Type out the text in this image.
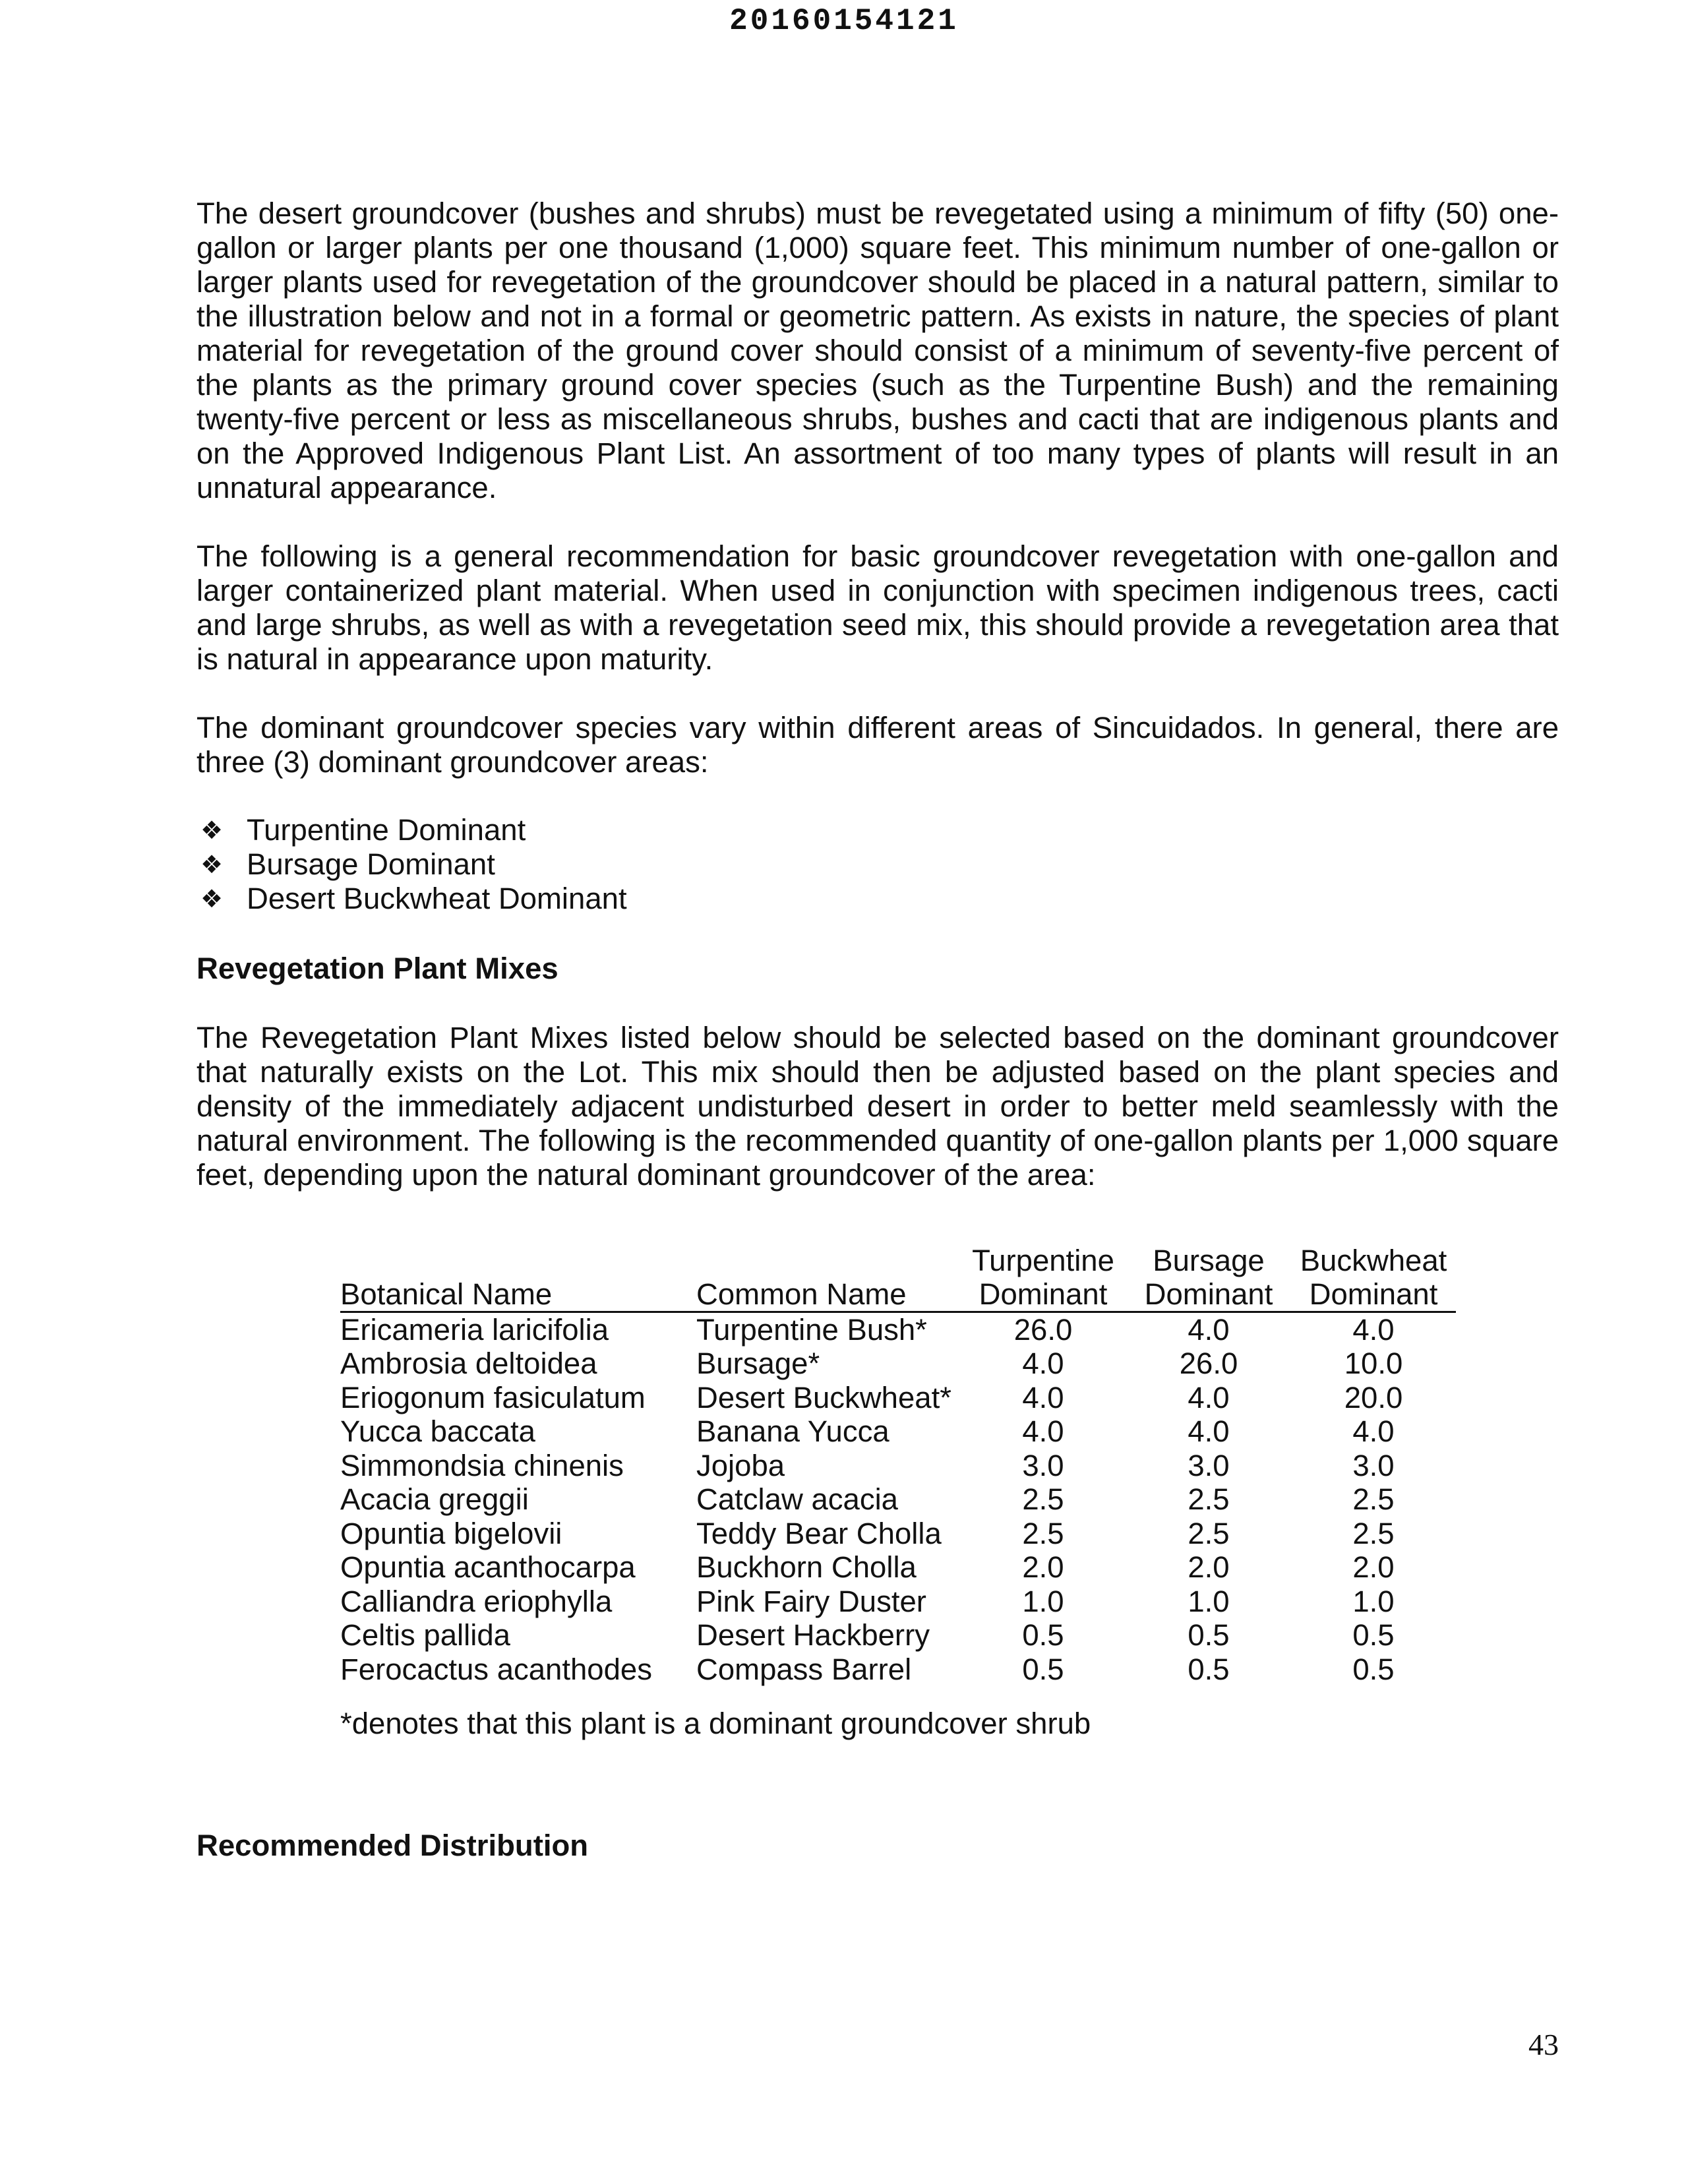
20160154121

The desert groundcover (bushes and shrubs) must be revegetated using a minimum of fifty (50) one-gallon or larger plants per one thousand (1,000) square feet. This minimum number of one-gallon or larger plants used for revegetation of the groundcover should be placed in a natural pattern, similar to the illustration below and not in a formal or geometric pattern. As exists in nature, the species of plant material for revegetation of the ground cover should consist of a minimum of seventy-five percent of the plants as the primary ground cover species (such as the Turpentine Bush) and the remaining twenty-five percent or less as miscellaneous shrubs, bushes and cacti that are indigenous plants and on the Approved Indigenous Plant List. An assortment of too many types of plants will result in an unnatural appearance.

The following is a general recommendation for basic groundcover revegetation with one-gallon and larger containerized plant material. When used in conjunction with specimen indigenous trees, cacti and large shrubs, as well as with a revegetation seed mix, this should provide a revegetation area that is natural in appearance upon maturity.

The dominant groundcover species vary within different areas of Sincuidados. In general, there are three (3) dominant groundcover areas:

❖ Turpentine Dominant
❖ Bursage Dominant
❖ Desert Buckwheat Dominant
Revegetation Plant Mixes

The Revegetation Plant Mixes listed below should be selected based on the dominant groundcover that naturally exists on the Lot. This mix should then be adjusted based on the plant species and density of the immediately adjacent undisturbed desert in order to better meld seamlessly with the natural environment. The following is the recommended quantity of one-gallon plants per 1,000 square feet, depending upon the natural dominant groundcover of the area:

		Turpentine	Bursage	Buckwheat
Botanical Name	Common Name	Dominant	Dominant	Dominant
Ericameria laricifolia	Turpentine Bush*	26.0	4.0	4.0
Ambrosia deltoidea	Bursage*	4.0	26.0	10.0
Eriogonum fasiculatum	Desert Buckwheat*	4.0	4.0	20.0
Yucca baccata	Banana Yucca	4.0	4.0	4.0
Simmondsia chinenis	Jojoba	3.0	3.0	3.0
Acacia greggii	Catclaw acacia	2.5	2.5	2.5
Opuntia bigelovii	Teddy Bear Cholla	2.5	2.5	2.5
Opuntia acanthocarpa	Buckhorn Cholla	2.0	2.0	2.0
Calliandra eriophylla	Pink Fairy Duster	1.0	1.0	1.0
Celtis pallida	Desert Hackberry	0.5	0.5	0.5
Ferocactus acanthodes	Compass Barrel	0.5	0.5	0.5
*denotes that this plant is a dominant groundcover shrub
Recommended Distribution
43
